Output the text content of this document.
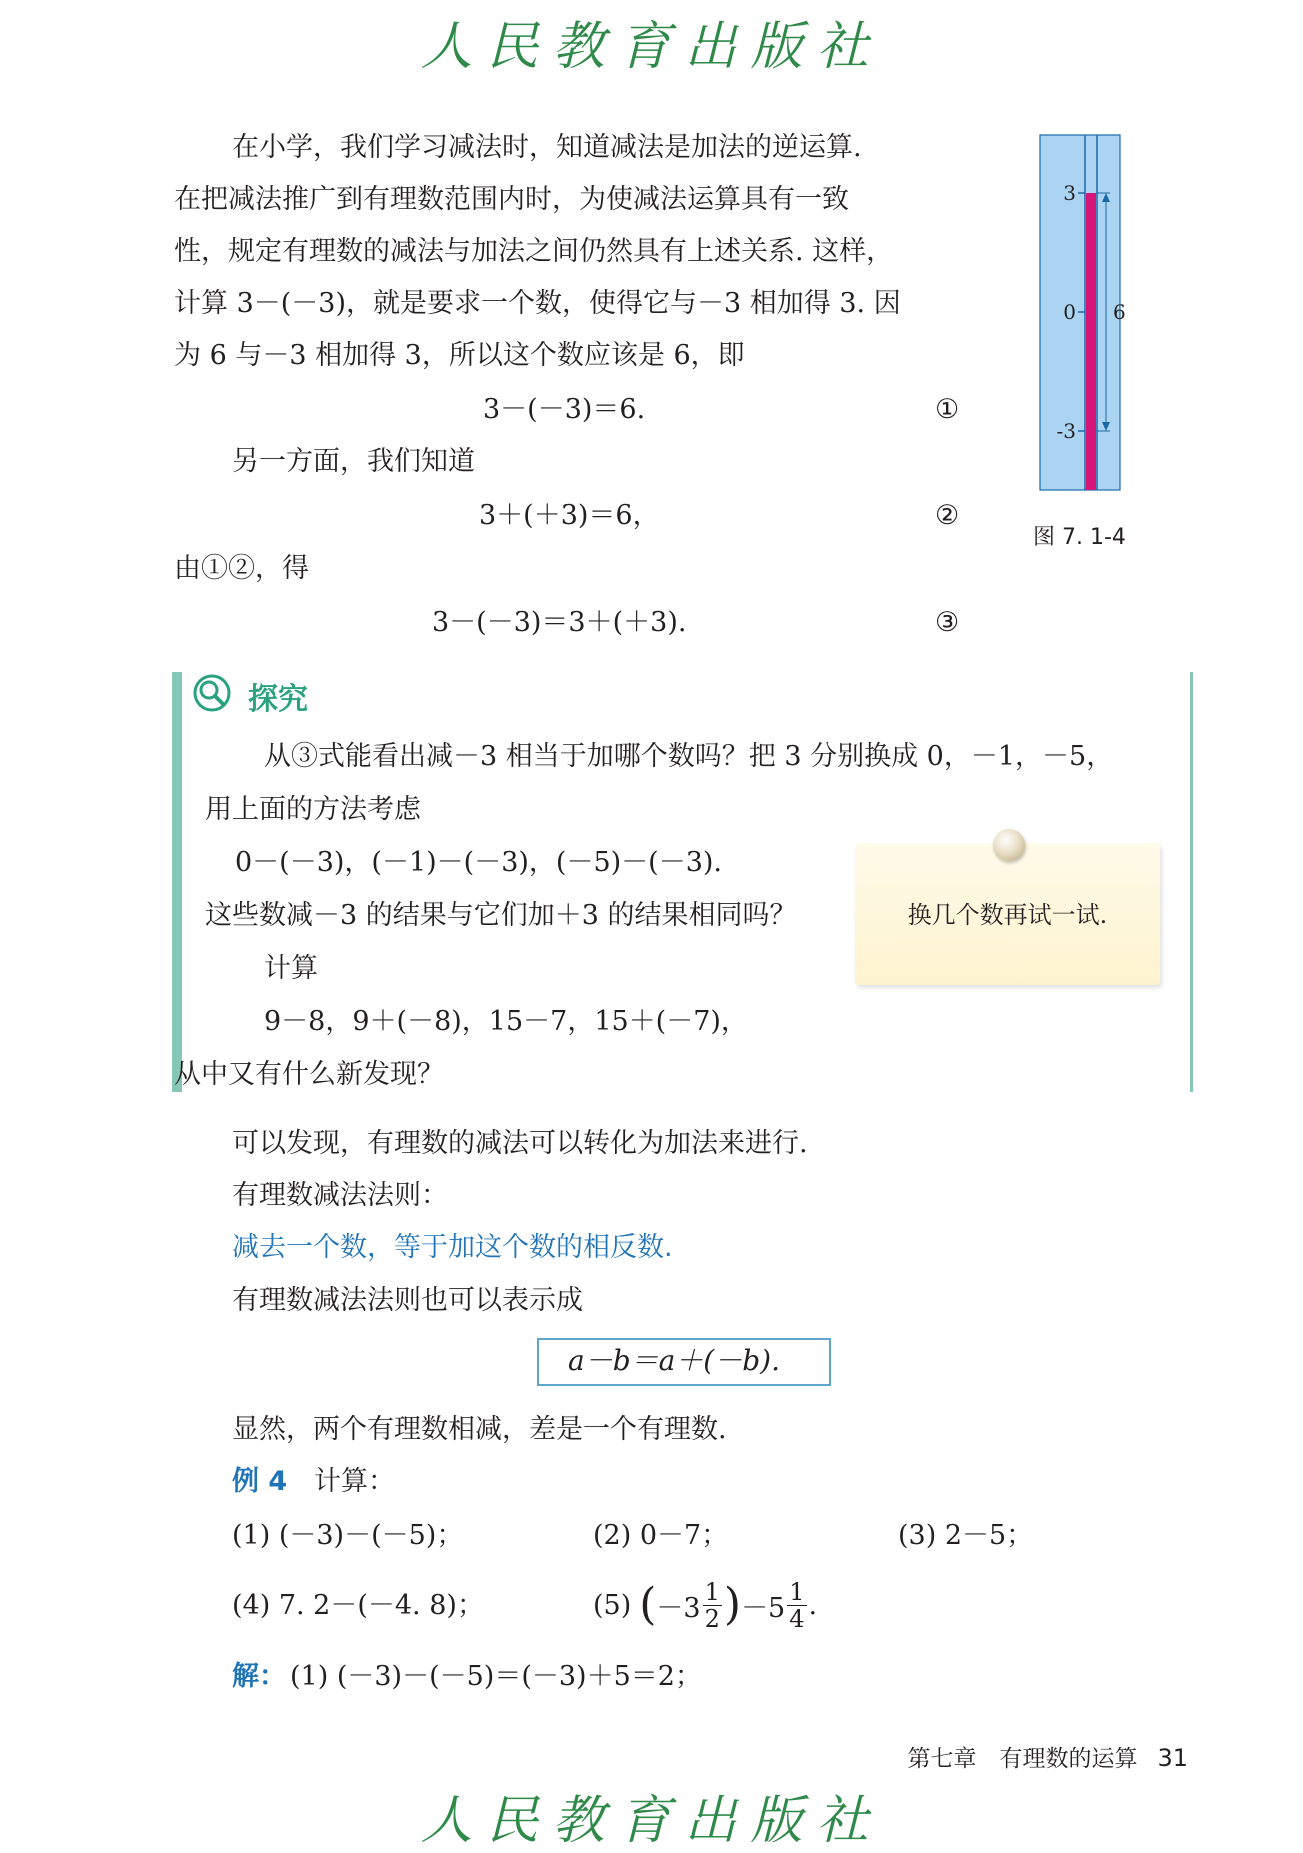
人民教育出版社
在小学，我们学习减法时，知道减法是加法的逆运算.
在把减法推广到有理数范围内时，为使减法运算具有一致
性，规定有理数的减法与加法之间仍然具有上述关系. 这样，
计算 3－(－3)，就是要求一个数，使得它与－3 相加得 3. 因
为 6 与－3 相加得 3，所以这个数应该是 6，即
3－(－3)＝6.	①
另一方面，我们知道
3＋(＋3)＝6，	②
由①②，得
3－(－3)＝3＋(＋3).	③
3
0
-3
6
图 7. 1-4
探究
从③式能看出减－3 相当于加哪个数吗？把 3 分别换成 0，－1，－5，
用上面的方法考虑
0－(－3)，(－1)－(－3)，(－5)－(－3).
这些数减－3 的结果与它们加＋3 的结果相同吗？
计算
9－8，9＋(－8)，15－7，15＋(－7)，
从中又有什么新发现？
换几个数再试一试.
可以发现，有理数的减法可以转化为加法来进行.
有理数减法法则：
减去一个数，等于加这个数的相反数.
有理数减法法则也可以表示成
a－b＝a＋(－b).
显然，两个有理数相减，差是一个有理数.
例 4 计算：
(1) (－3)－(－5)；	(2) 0－7；	(3) 2－5；
(4) 7. 2－(－4. 8)；	(5) ( $-3 \frac{1}{2}$ ) $-5 \frac{1}{4}$ .
解： (1) (－3)－(－5)＝(－3)＋5＝2；
第七章　有理数的运算 31
人民教育出版社
